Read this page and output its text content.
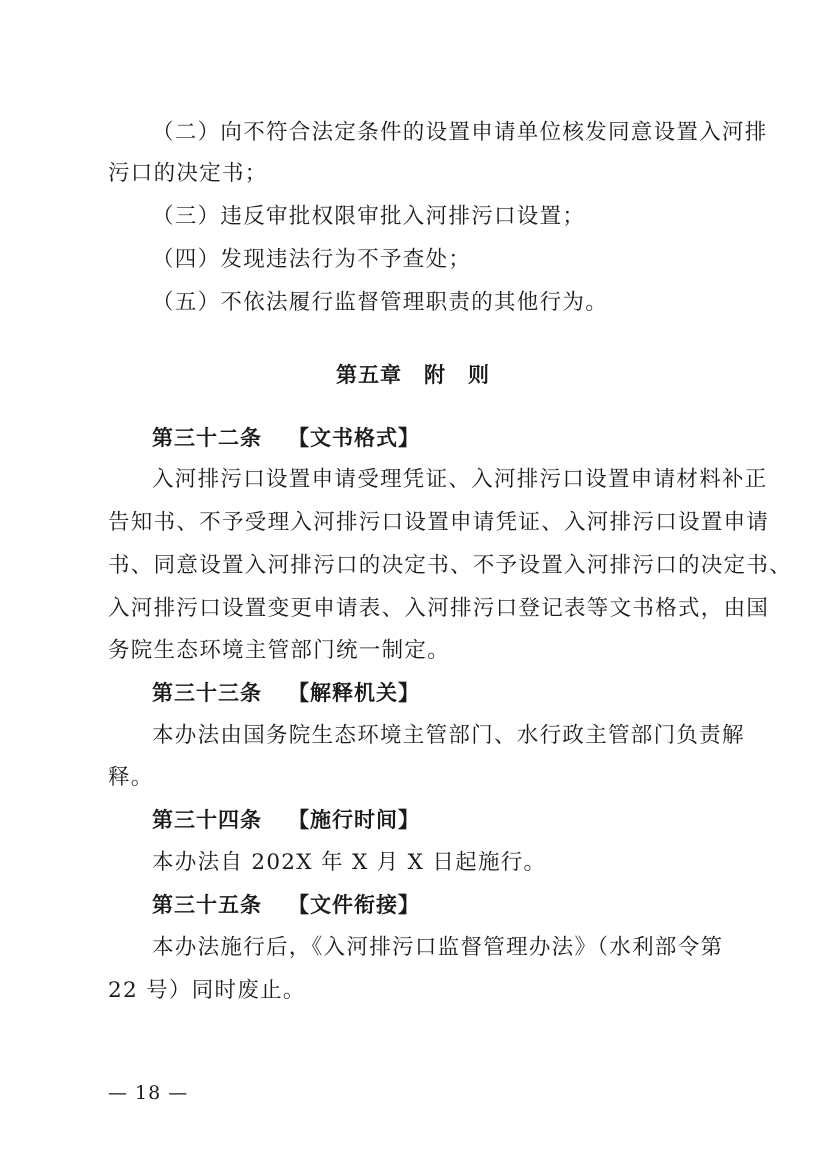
（二）向不符合法定条件的设置申请单位核发同意设置入河排
污口的决定书；
（三）违反审批权限审批入河排污口设置；
（四）发现违法行为不予查处；
（五）不依法履行监督管理职责的其他行为。
第五章　附　则
第三十二条 【文书格式】
入河排污口设置申请受理凭证、入河排污口设置申请材料补正
告知书、不予受理入河排污口设置申请凭证、入河排污口设置申请
书、同意设置入河排污口的决定书、不予设置入河排污口的决定书、
入河排污口设置变更申请表、入河排污口登记表等文书格式，由国
务院生态环境主管部门统一制定。
第三十三条 【解释机关】
本办法由国务院生态环境主管部门、水行政主管部门负责解
释。
第三十四条 【施行时间】
本办法自 202X 年 X 月 X 日起施行。
第三十五条 【文件衔接】
本办法施行后，《入河排污口监督管理办法》（水利部令第
22 号）同时废止。
— 18 —
